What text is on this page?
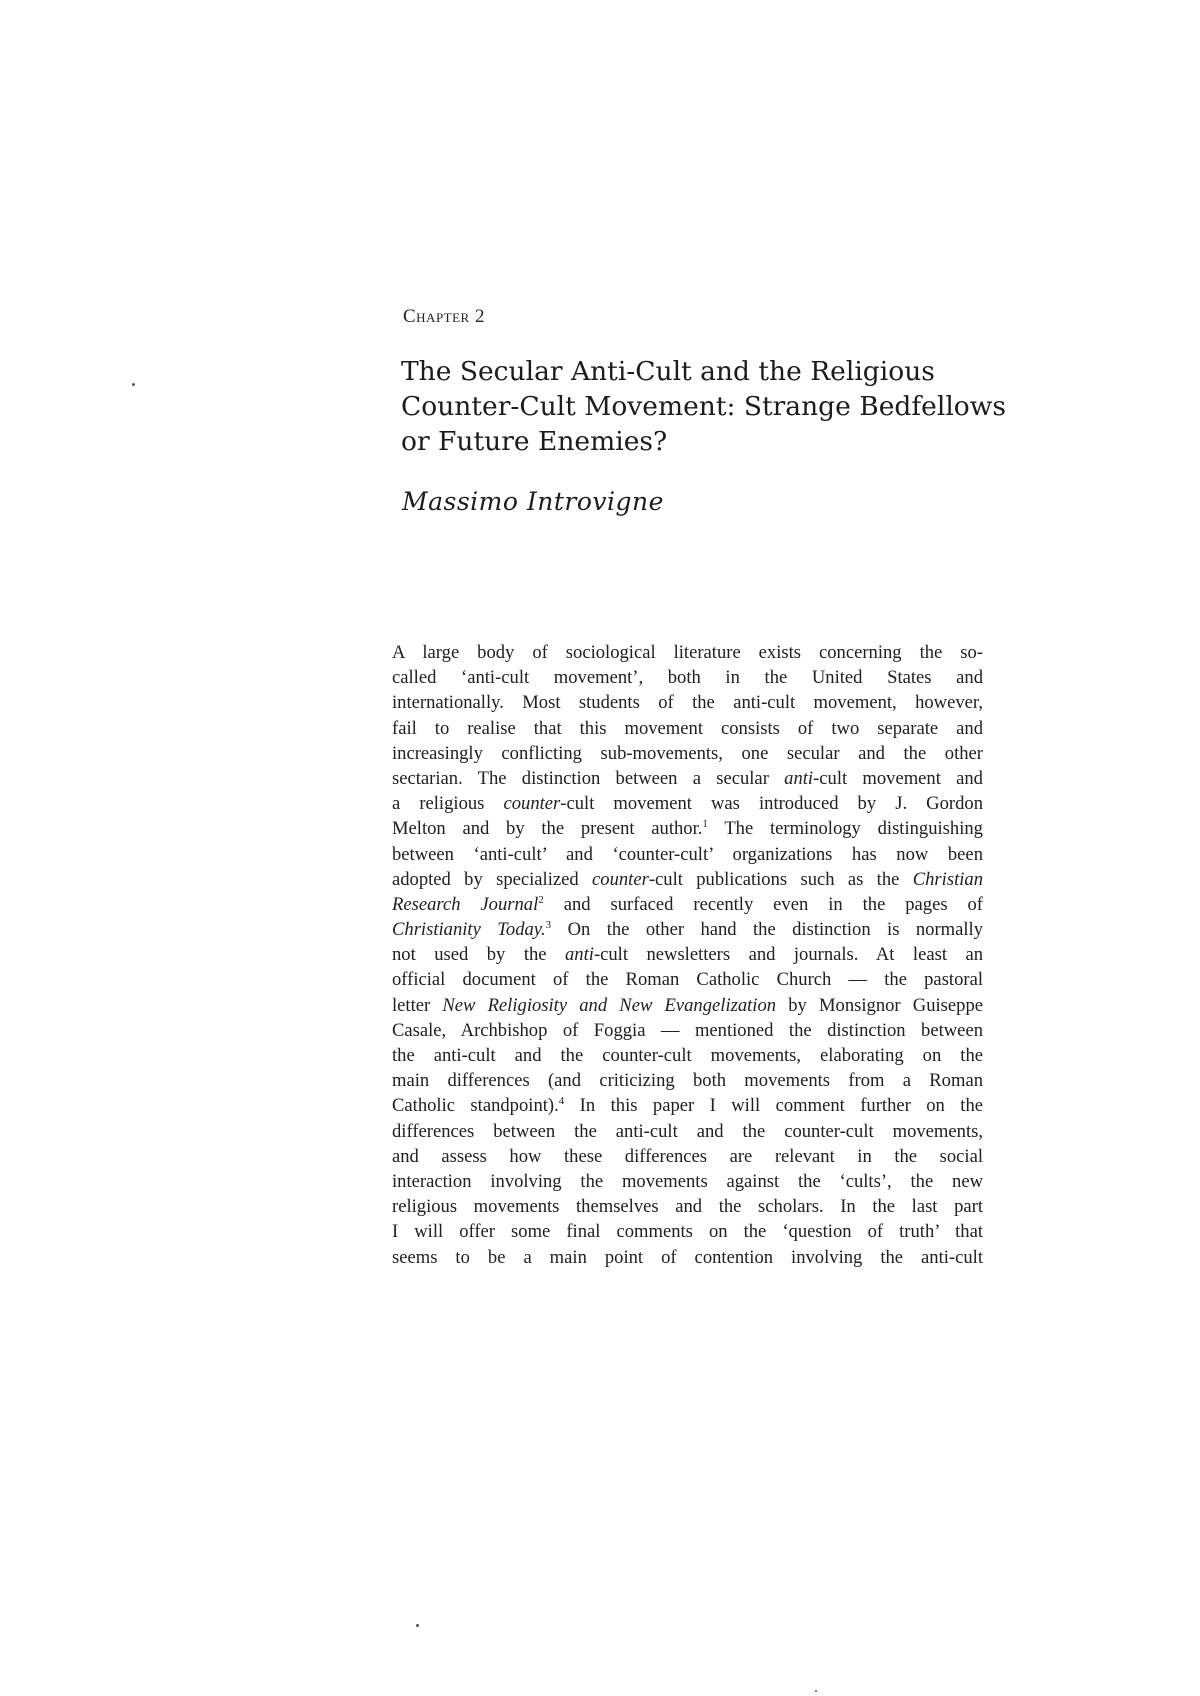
Chapter 2
The Secular Anti-Cult and the Religious
Counter-Cult Movement: Strange Bedfellows
or Future Enemies?
Massimo Introvigne
A large body of sociological literature exists concerning the so-
called ‘anti-cult movement’, both in the United States and
internationally. Most students of the anti-cult movement, however,
fail to realise that this movement consists of two separate and
increasingly conflicting sub-movements, one secular and the other
sectarian. The distinction between a secular anti-cult movement and
a religious counter-cult movement was introduced by J. Gordon
Melton and by the present author.$^1$ The terminology distinguishing
between ‘anti-cult’ and ‘counter-cult’ organizations has now been
adopted by specialized counter-cult publications such as the Christian
Research Journal$^2$ and surfaced recently even in the pages of
Christianity Today.$^3$ On the other hand the distinction is normally
not used by the anti-cult newsletters and journals. At least an
official document of the Roman Catholic Church — the pastoral
letter New Religiosity and New Evangelization by Monsignor Guiseppe
Casale, Archbishop of Foggia — mentioned the distinction between
the anti-cult and the counter-cult movements, elaborating on the
main differences (and criticizing both movements from a Roman
Catholic standpoint).$^4$ In this paper I will comment further on the
differences between the anti-cult and the counter-cult movements,
and assess how these differences are relevant in the social
interaction involving the movements against the ‘cults’, the new
religious movements themselves and the scholars. In the last part
I will offer some final comments on the ‘question of truth’ that
seems to be a main point of contention involving the anti-cult
